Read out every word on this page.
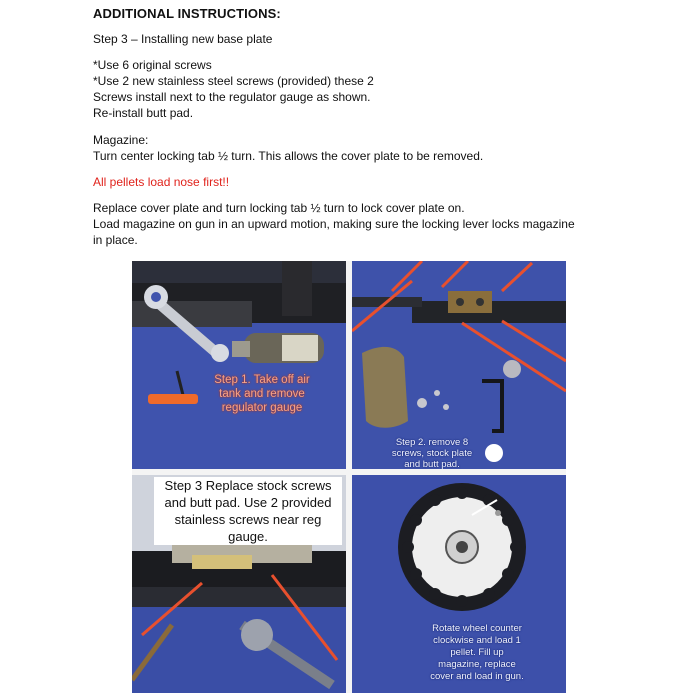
ADDITIONAL INSTRUCTIONS:
Step 3 – Installing new base plate
*Use 6 original screws
*Use 2 new stainless steel screws (provided) these 2
Screws install next to the regulator gauge as shown.
Re-install butt pad.
Magazine:
Turn center locking tab ½ turn. This allows the cover plate to be removed.
All pellets load nose first!!
Replace cover plate and turn locking tab ½ turn to lock cover plate on.
Load magazine on gun in an upward motion, making sure the locking lever locks magazine
in place.
Step 1. Take off air
tank and remove
regulator gauge
Step 2. remove 8
screws, stock plate
and butt pad.
Step 3 Replace stock screws
and butt pad. Use 2 provided
stainless screws near reg
gauge.
Rotate wheel counter
clockwise and load 1
pellet. Fill up
magazine, replace
cover and load in gun.
